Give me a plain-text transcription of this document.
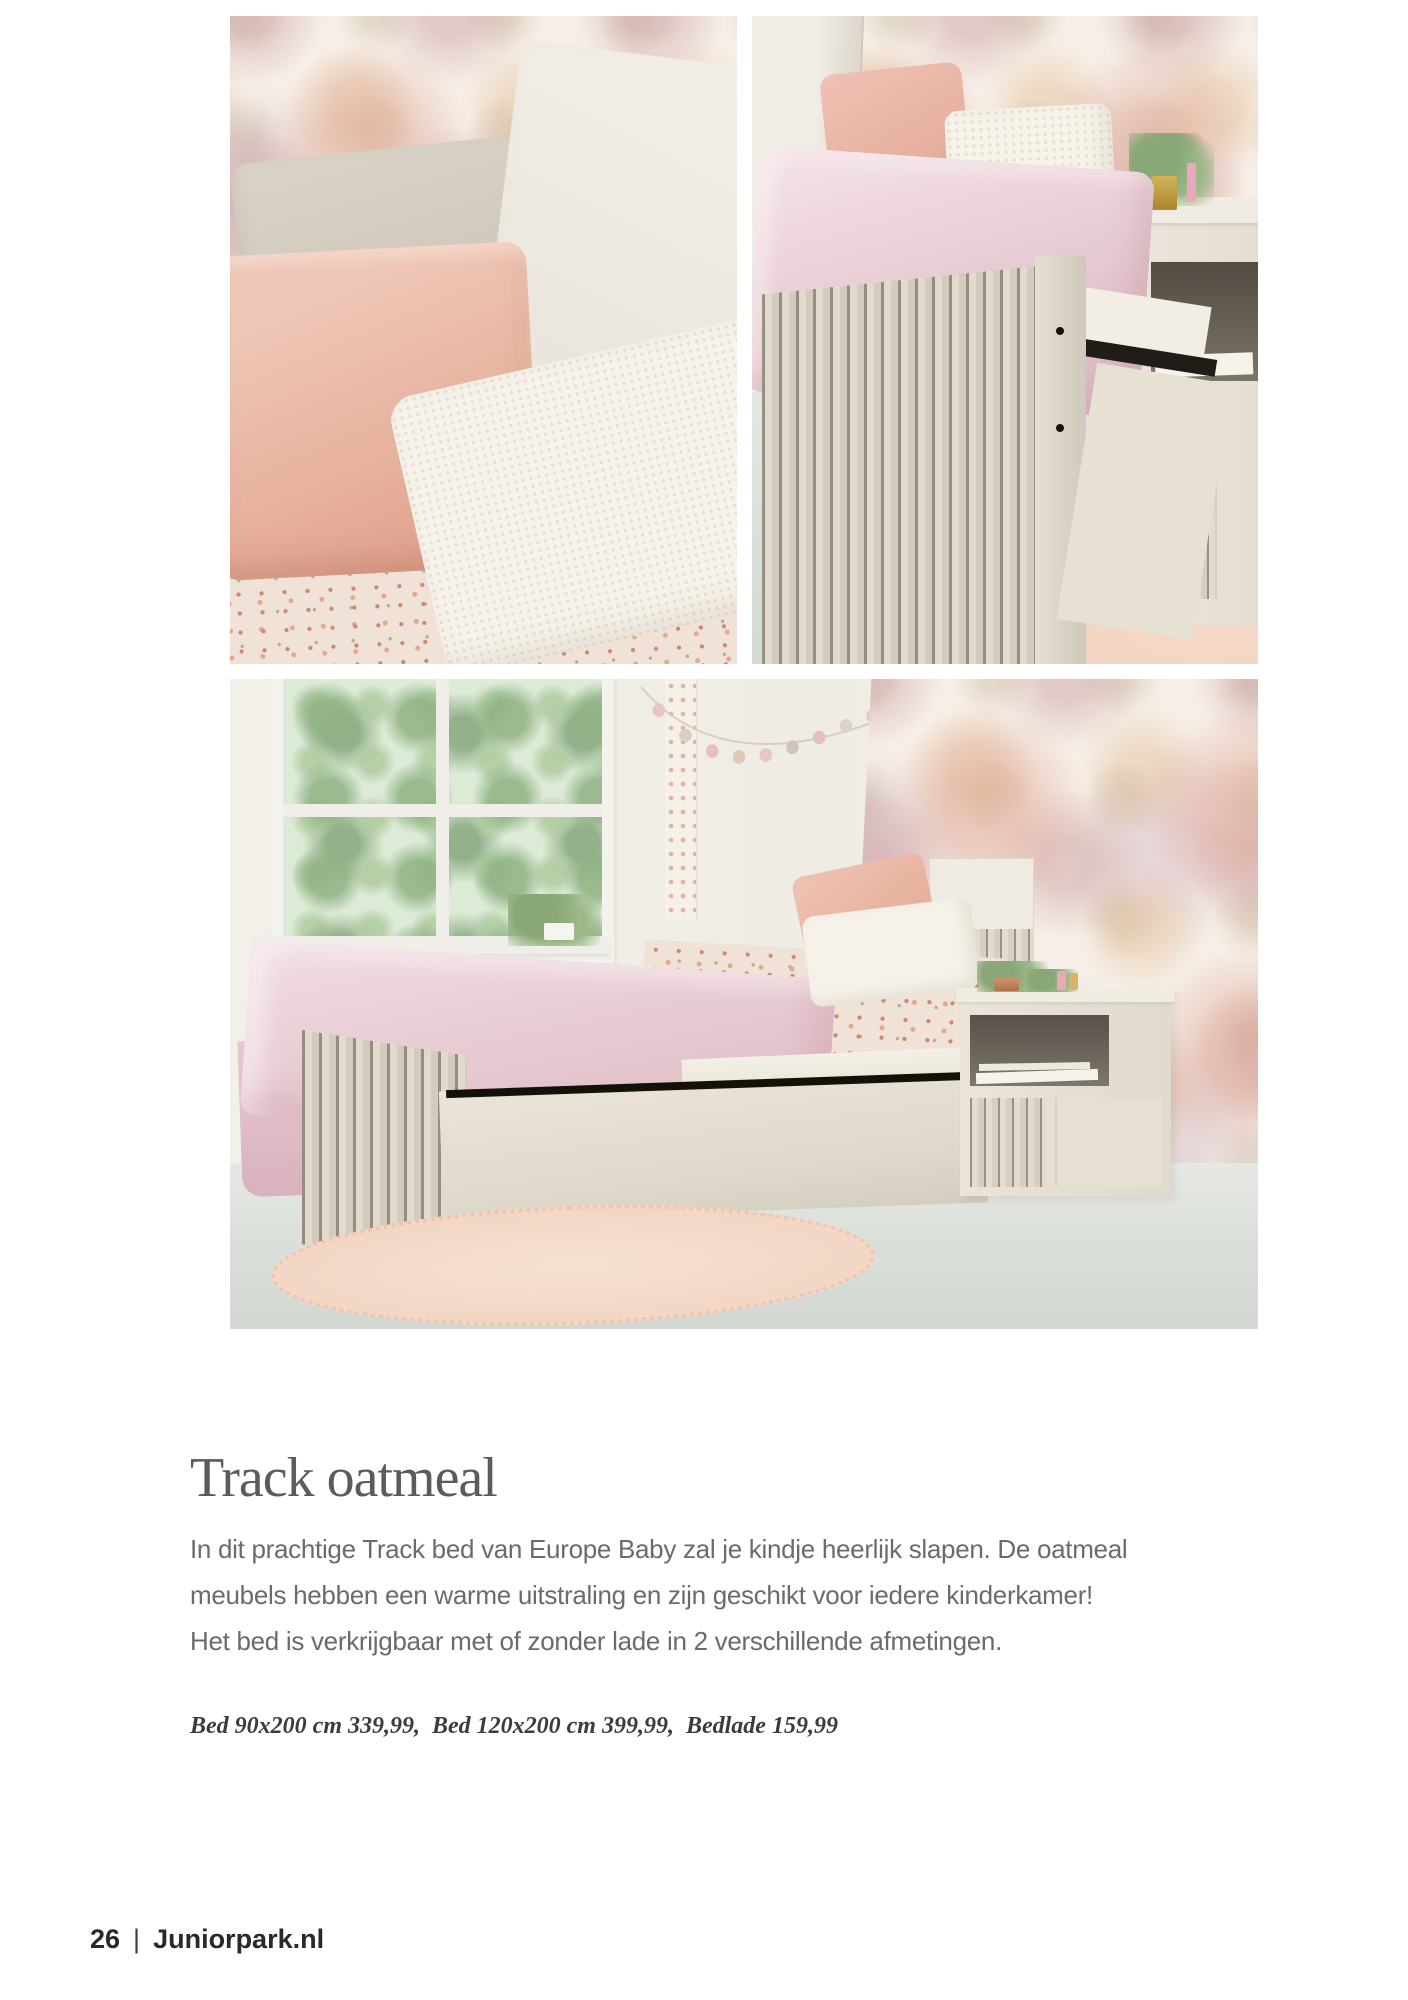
Track oatmeal
In dit prachtige Track bed van Europe Baby zal je kindje heerlijk slapen. De oatmeal
meubels hebben een warme uitstraling en zijn geschikt voor iedere kinderkamer!
Het bed is verkrijgbaar met of zonder lade in 2 verschillende afmetingen.
Bed 90x200 cm 339,99,  Bed 120x200 cm 399,99,  Bedlade 159,99
26 | Juniorpark.nl
